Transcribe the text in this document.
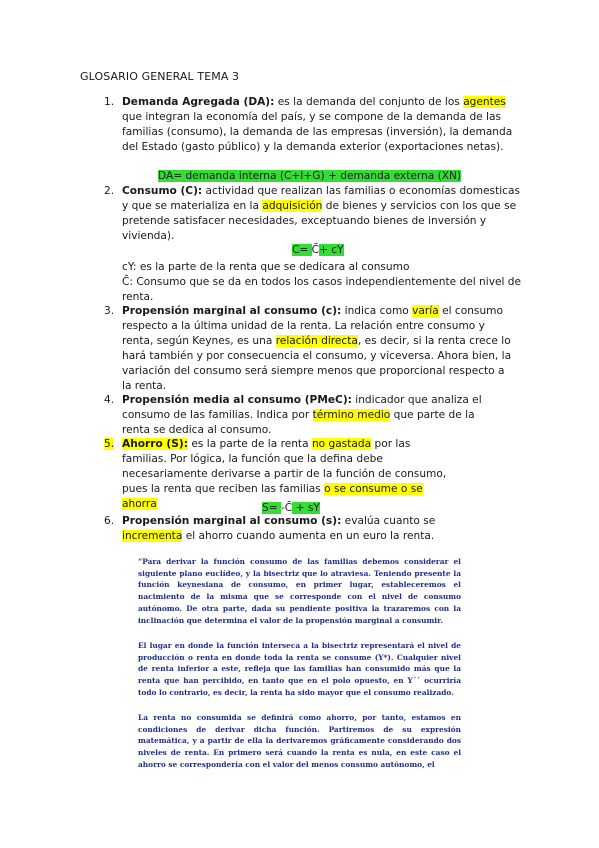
GLOSARIO GENERAL TEMA 3
1. Demanda Agregada (DA): es la demanda del conjunto de los agentes que integran la economía del país, y se compone de la demanda de las familias (consumo), la demanda de las empresas (inversión), la demanda del Estado (gasto público) y la demanda exterior (exportaciones netas).
DA= demanda interna (C+I+G) + demanda externa (XN)
2. Consumo (C): actividad que realizan las familias o economías domesticas y que se materializa en la adquisición de bienes y servicios con los que se pretende satisfacer necesidades, exceptuando bienes de inversión y vivienda).
C= C̄+ cY
cY: es la parte de la renta que se dedicara al consumo
C̄: Consumo que se da en todos los casos independientemente del nivel de renta.
3. Propensión marginal al consumo (c): indica como varía el consumo respecto a la última unidad de la renta. La relación entre consumo y renta, según Keynes, es una relación directa, es decir, si la renta crece lo hará también y por consecuencia el consumo, y viceversa. Ahora bien, la variación del consumo será siempre menos que proporcional respecto a la renta.
4. Propensión media al consumo (PMeC): indicador que analiza el consumo de las familias. Indica por término medio que parte de la renta se dedica al consumo.
5. Ahorro (S): es la parte de la renta no gastada por las familias. Por lógica, la función que la defina debe necesariamente derivarse a partir de la función de consumo, pues la renta que reciben las familias o se consume o se ahorra	S= -C̄ + sY
6. Propensión marginal al consumo (s): evalúa cuanto se incrementa el ahorro cuando aumenta en un euro la renta.
“Para derivar la función consumo de las familias debemos considerar el siguiente plano euclídeo, y la bisectriz que lo atraviesa. Teniendo presente la función keynesiana de consumo, en primer lugar, estableceremos el nacimiento de la misma que se corresponde con el nivel de consumo autónomo. De otra parte, dada su pendiente positiva la trazaremos con la inclinación que determina el valor de la propensión marginal a consumir.
El lugar en donde la función interseca a la bisectriz representará el nivel de producción o renta en donde toda la renta se consume (Y*). Cualquier nivel de renta inferior a este, refleja que las familias han consumido más que la renta que han percibido, en tanto que en el polo opuesto, en Y´´ ocurriría todo lo contrario, es decir, la renta ha sido mayor que el consumo realizado.
La renta no consumida se definirá como ahorro, por tanto, estamos en condiciones de derivar dicha función. Partiremos de su expresión matemática, y a partir de ella la derivaremos gráficamente considerando dos niveles de renta. En primero será cuando la renta es nula, en este caso el ahorro se correspondería con el valor del menos consumo autónomo, el
